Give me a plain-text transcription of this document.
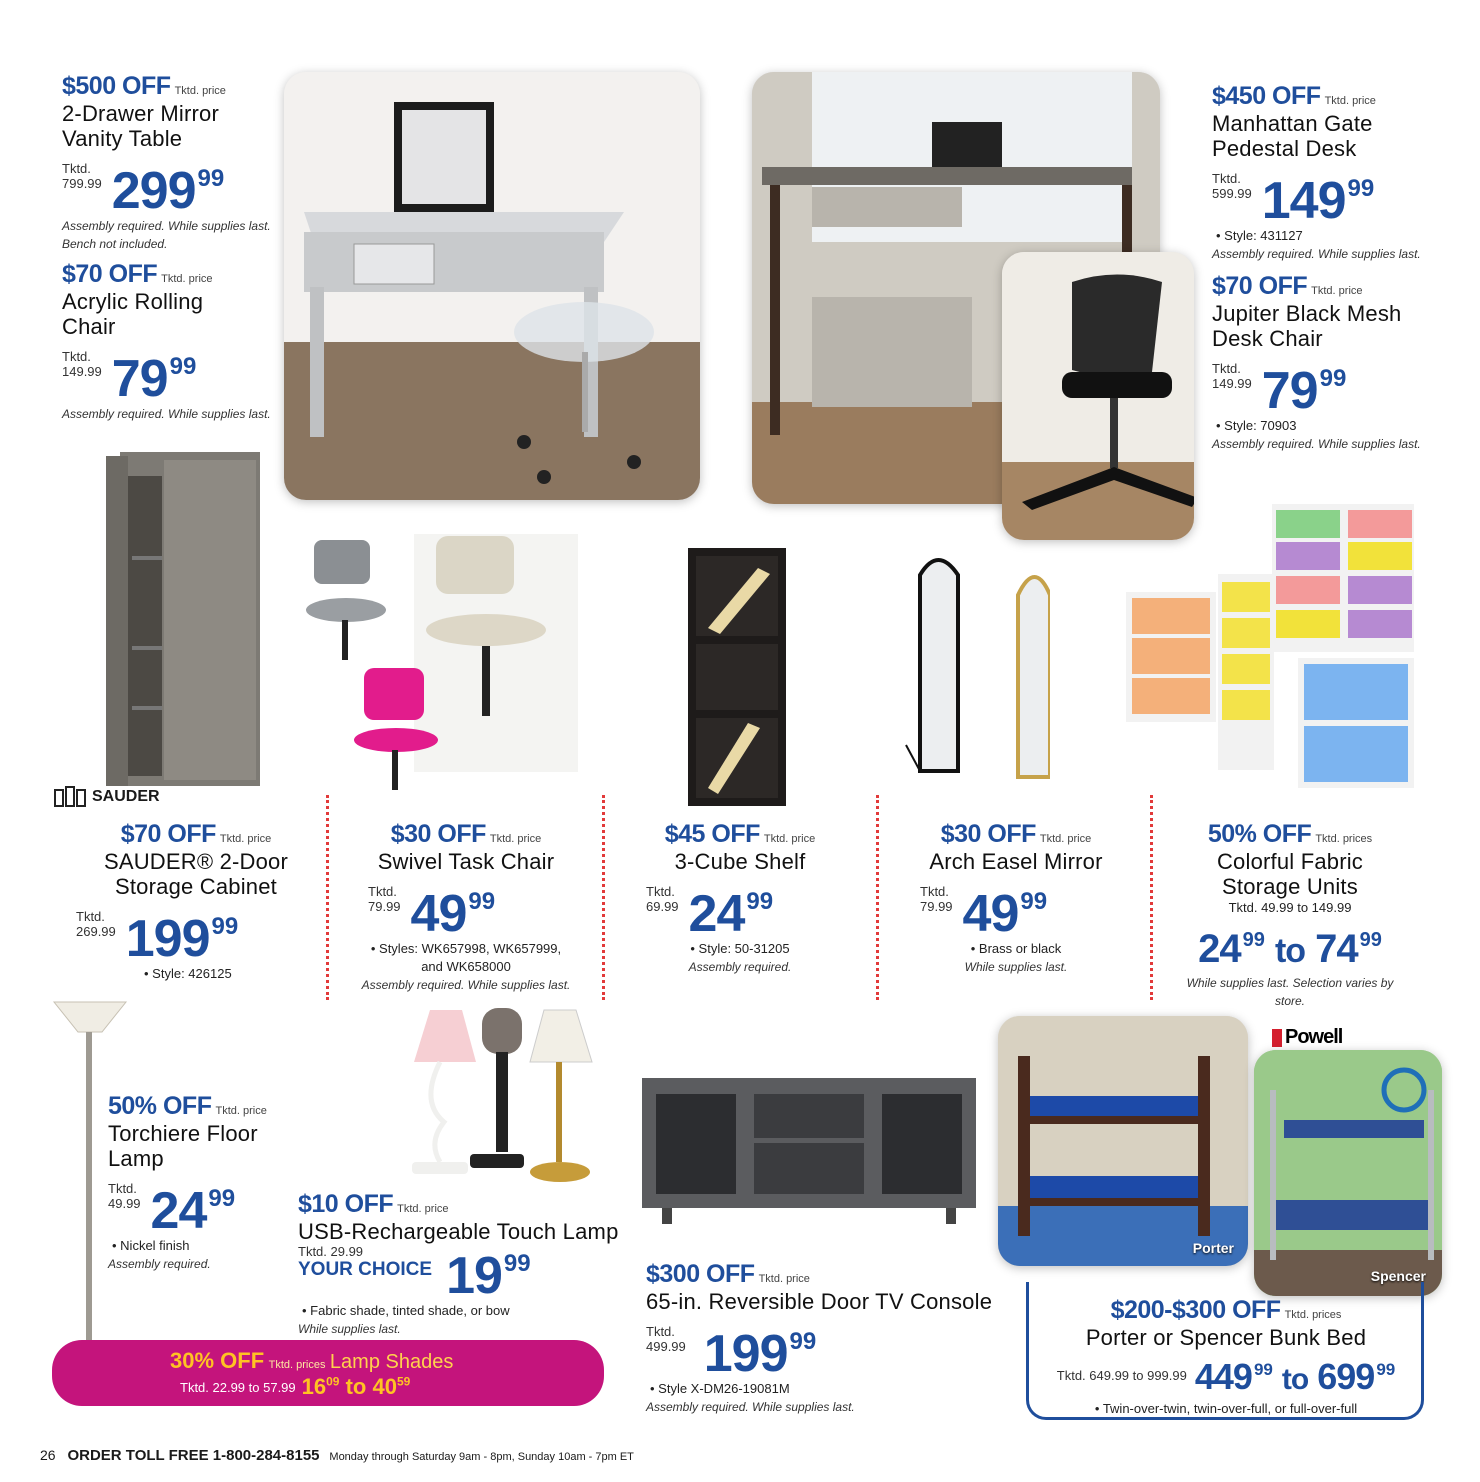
$500 OFF Tktd. price
2-Drawer Mirror
Vanity Table
Tktd.
799.99 $299^{99}$
Assembly required. While supplies last.
Bench not included.
$70 OFF Tktd. price
Acrylic Rolling
Chair
Tktd.
149.99 $79^{99}$
Assembly required. While supplies last.
$450 OFF Tktd. price
Manhattan Gate
Pedestal Desk
Tktd.
599.99 $149^{99}$
• Style: 431127
Assembly required. While supplies last.
$70 OFF Tktd. price
Jupiter Black Mesh
Desk Chair
Tktd.
149.99 $79^{99}$
• Style: 70903
Assembly required. While supplies last.
SAUDER
$70 OFF Tktd. price
SAUDER® 2-Door
Storage Cabinet
Tktd.
269.99 $199^{99}$
• Style: 426125
$30 OFF Tktd. price
Swivel Task Chair
Tktd.
79.99 $49^{99}$
• Styles: WK657998, WK657999,
and WK658000
Assembly required. While supplies last.
$45 OFF Tktd. price
3-Cube Shelf
Tktd.
69.99 $24^{99}$
• Style: 50-31205
Assembly required.
$30 OFF Tktd. price
Arch Easel Mirror
Tktd.
79.99 $49^{99}$
• Brass or black
While supplies last.
50% OFF Tktd. prices
Colorful Fabric
Storage Units
Tktd. 49.99 to 149.99
24 $^{99}$ to 74 $^{99}$
While supplies last. Selection varies by store.
50% OFF Tktd. price
Torchiere Floor
Lamp
Tktd.
49.99 $24^{99}$
• Nickel finish
Assembly required.
$10 OFF Tktd. price
USB-Rechargeable Touch Lamp
Tktd. 29.99
YOUR CHOICE $19^{99}$
• Fabric shade, tinted shade, or bow
While supplies last.
$300 OFF Tktd. price
65-in. Reversible Door TV Console
Tktd.
499.99 $199^{99}$
• Style X-DM26-19081M
Assembly required. While supplies last.
Porter
Powell
Spencer
$200-$300 OFF Tktd. prices
Porter or Spencer Bunk Bed
Tktd. 649.99 to 999.99 449 $^{99}$ to 699 $^{99}$
• Twin-over-twin, twin-over-full, or full-over-full
30% OFF Tktd. prices Lamp Shades
Tktd. 22.99 to 57.99 $16^{09}$ to $40^{59}$
26 ORDER TOLL FREE 1-800-284-8155 Monday through Saturday 9am - 8pm, Sunday 10am - 7pm ET
